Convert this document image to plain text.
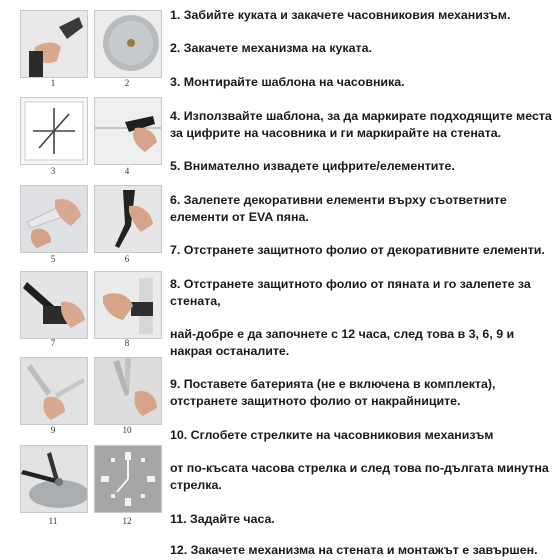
1	2
3	4
5	6
7	8
9	10
11	12
1. Забийте куката и закачете часовниковия механизъм.
2. Закачете механизма на куката.
3. Монтирайте шаблона на часовника.
4. Използвайте шаблона, за да маркирате подходящите места за цифрите на часовника и ги маркирайте на стената.
5. Внимателно извадете цифрите/елементите.
6. Залепете декоративни елементи върху съответните елементи от EVA пяна.
7. Отстранете защитното фолио от декоративните елементи.
8. Отстранете защитното фолио от пяната и го залепете за стената,
най-добре е да започнете с 12 часа, след това в 3, 6, 9 и накрая останалите.
9. Поставете батерията (не е включена в комплекта), отстранете защитното фолио от накрайниците.
10. Сглобете стрелките на часовниковия механизъм
от по-късата часова стрелка и след това по-дългата минутна стрелка.
11. Задайте часа.
12. Закачете механизма на стената и монтажът е завършен.
